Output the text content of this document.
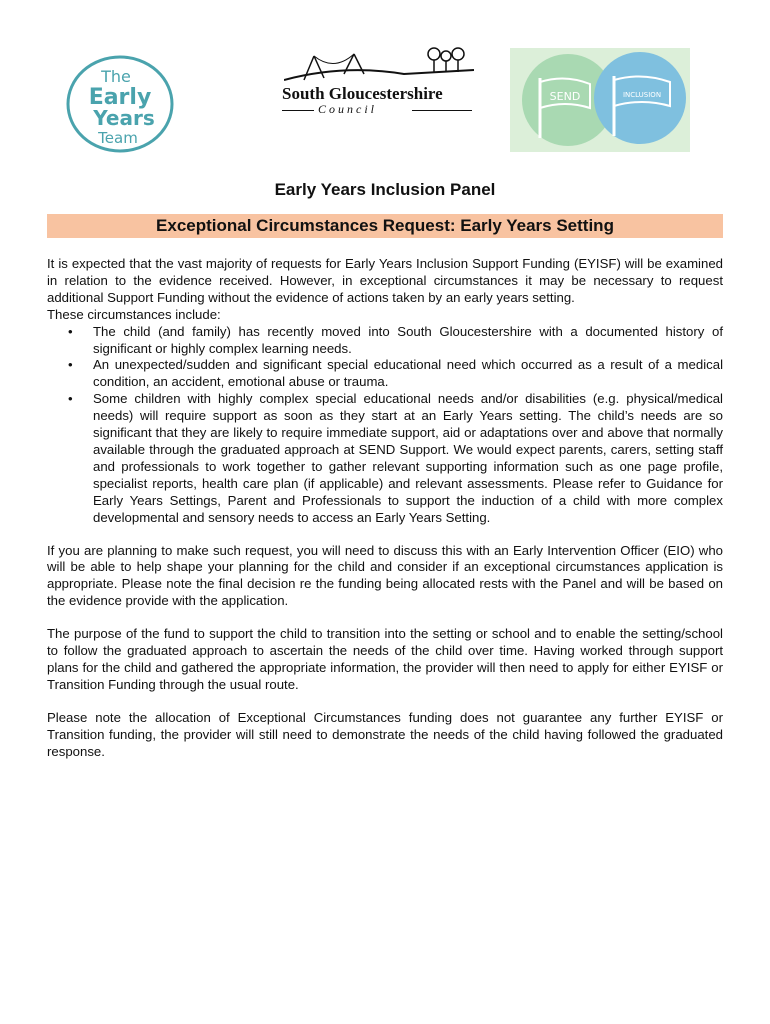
The
Early
Years
Team
South Gloucestershire
Council
SEND	INCLUSION
Early Years Inclusion Panel
Exceptional Circumstances Request: Early Years Setting

It is expected that the vast majority of requests for Early Years Inclusion Support Funding (EYISF) will be examined in relation to the evidence received. However, in exceptional circumstances it may be necessary to request additional Support Funding without the evidence of actions taken by an early years setting.

These circumstances include:

• The child (and family) has recently moved into South Gloucestershire with a documented history of significant or highly complex learning needs.
• An unexpected/sudden and significant special educational need which occurred as a result of a medical condition, an accident, emotional abuse or trauma.
• Some children with highly complex special educational needs and/or disabilities (e.g. physical/medical needs) will require support as soon as they start at an Early Years setting. The child’s needs are so significant that they are likely to require immediate support, aid or adaptations over and above that normally available through the graduated approach at SEND Support. We would expect parents, carers, setting staff and professionals to work together to gather relevant supporting information such as one page profile, specialist reports, health care plan (if applicable) and relevant assessments. Please refer to Guidance for Early Years Settings, Parent and Professionals to support the induction of a child with more complex developmental and sensory needs to access an Early Years Setting.

If you are planning to make such request, you will need to discuss this with an Early Intervention Officer (EIO) who will be able to help shape your planning for the child and consider if an exceptional circumstances application is appropriate. Please note the final decision re the funding being allocated rests with the Panel and will be based on the evidence provide with the application.

The purpose of the fund to support the child to transition into the setting or school and to enable the setting/school to follow the graduated approach to ascertain the needs of the child over time. Having worked through support plans for the child and gathered the appropriate information, the provider will then need to apply for either EYISF or Transition Funding through the usual route.

Please note the allocation of Exceptional Circumstances funding does not guarantee any further EYISF or Transition funding, the provider will still need to demonstrate the needs of the child having followed the graduated response.
